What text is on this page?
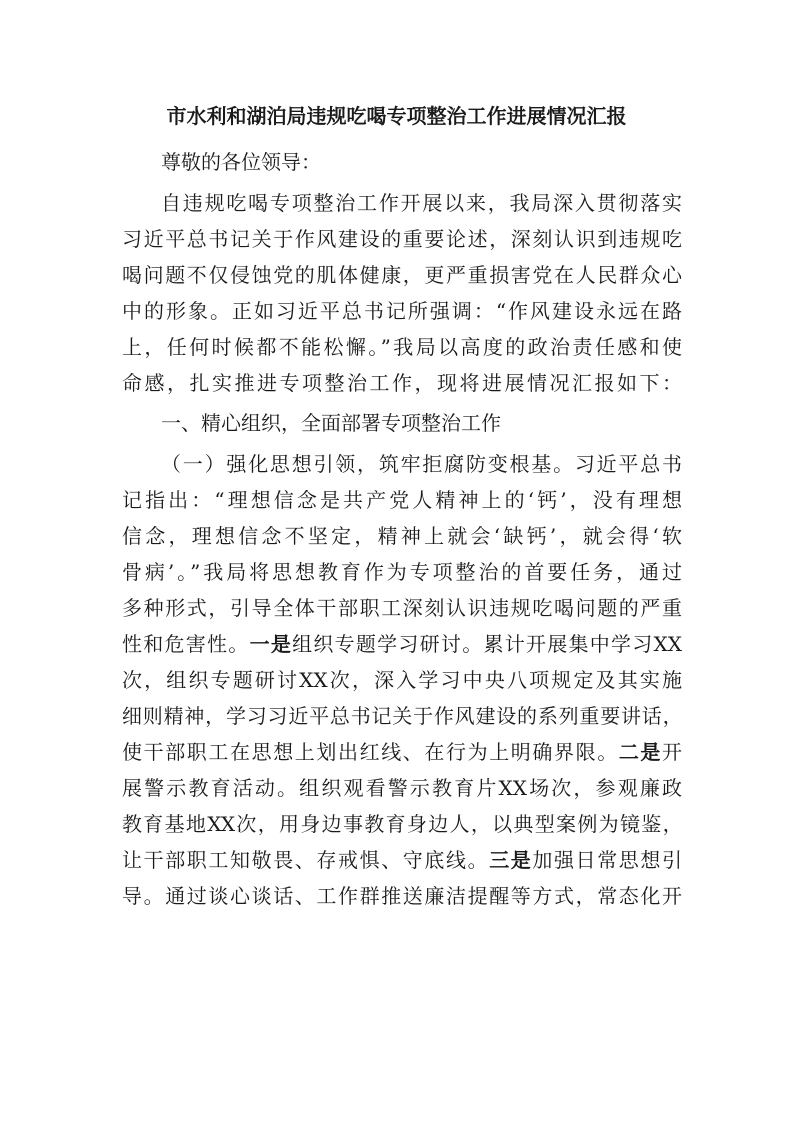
市水利和湖泊局违规吃喝专项整治工作进展情况汇报
尊敬的各位领导：
自违规吃喝专项整治工作开展以来，我局深入贯彻落实
习近平总书记关于作风建设的重要论述，深刻认识到违规吃
喝问题不仅侵蚀党的肌体健康，更严重损害党在人民群众心
中的形象。正如习近平总书记所强调：“作风建设永远在路
上，任何时候都不能松懈。”我局以高度的政治责任感和使
命感，扎实推进专项整治工作，现将进展情况汇报如下：
一、精心组织，全面部署专项整治工作
（一）强化思想引领，筑牢拒腐防变根基。习近平总书
记指出：“理想信念是共产党人精神上的‘钙’，没有理想
信念，理想信念不坚定，精神上就会‘缺钙’，就会得‘软
骨病’。”我局将思想教育作为专项整治的首要任务，通过
多种形式，引导全体干部职工深刻认识违规吃喝问题的严重
性和危害性。一是组织专题学习研讨。累计开展集中学习XX
次，组织专题研讨XX次，深入学习中央八项规定及其实施
细则精神，学习习近平总书记关于作风建设的系列重要讲话，
使干部职工在思想上划出红线、在行为上明确界限。二是开
展警示教育活动。组织观看警示教育片XX场次，参观廉政
教育基地XX次，用身边事教育身边人，以典型案例为镜鉴，
让干部职工知敬畏、存戒惧、守底线。三是加强日常思想引
导。通过谈心谈话、工作群推送廉洁提醒等方式，常态化开
